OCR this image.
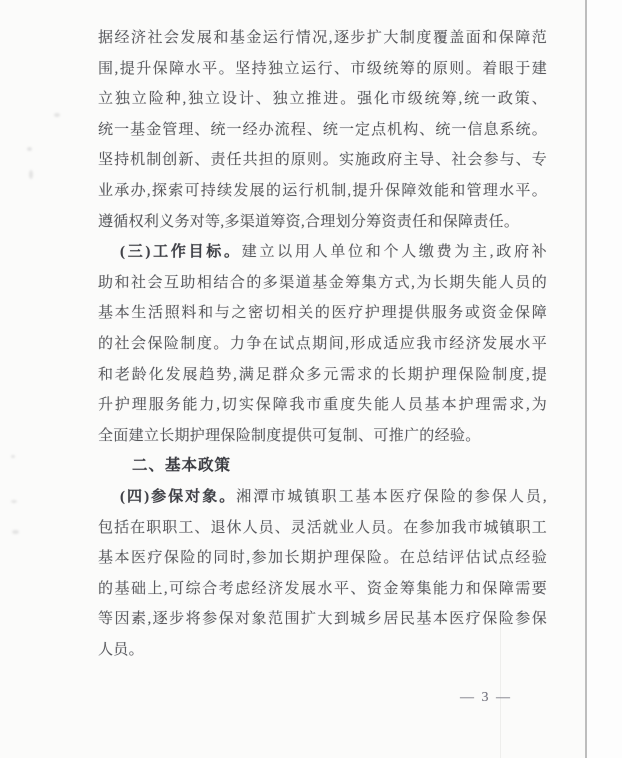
据经济社会发展和基金运行情况,逐步扩大制度覆盖面和保障范
围,提升保障水平。坚持独立运行、市级统筹的原则。着眼于建
立独立险种,独立设计、独立推进。强化市级统筹,统一政策、
统一基金管理、统一经办流程、统一定点机构、统一信息系统。
坚持机制创新、责任共担的原则。实施政府主导、社会参与、专
业承办,探索可持续发展的运行机制,提升保障效能和管理水平。
遵循权利义务对等,多渠道筹资,合理划分筹资责任和保障责任。
(三)工作目标。建立以用人单位和个人缴费为主,政府补
助和社会互助相结合的多渠道基金筹集方式,为长期失能人员的
基本生活照料和与之密切相关的医疗护理提供服务或资金保障
的社会保险制度。力争在试点期间,形成适应我市经济发展水平
和老龄化发展趋势,满足群众多元需求的长期护理保险制度,提
升护理服务能力,切实保障我市重度失能人员基本护理需求,为
全面建立长期护理保险制度提供可复制、可推广的经验。
二、基本政策
(四)参保对象。湘潭市城镇职工基本医疗保险的参保人员,
包括在职职工、退休人员、灵活就业人员。在参加我市城镇职工
基本医疗保险的同时,参加长期护理保险。在总结评估试点经验
的基础上,可综合考虑经济发展水平、资金筹集能力和保障需要
等因素,逐步将参保对象范围扩大到城乡居民基本医疗保险参保
人员。
— 3 —
